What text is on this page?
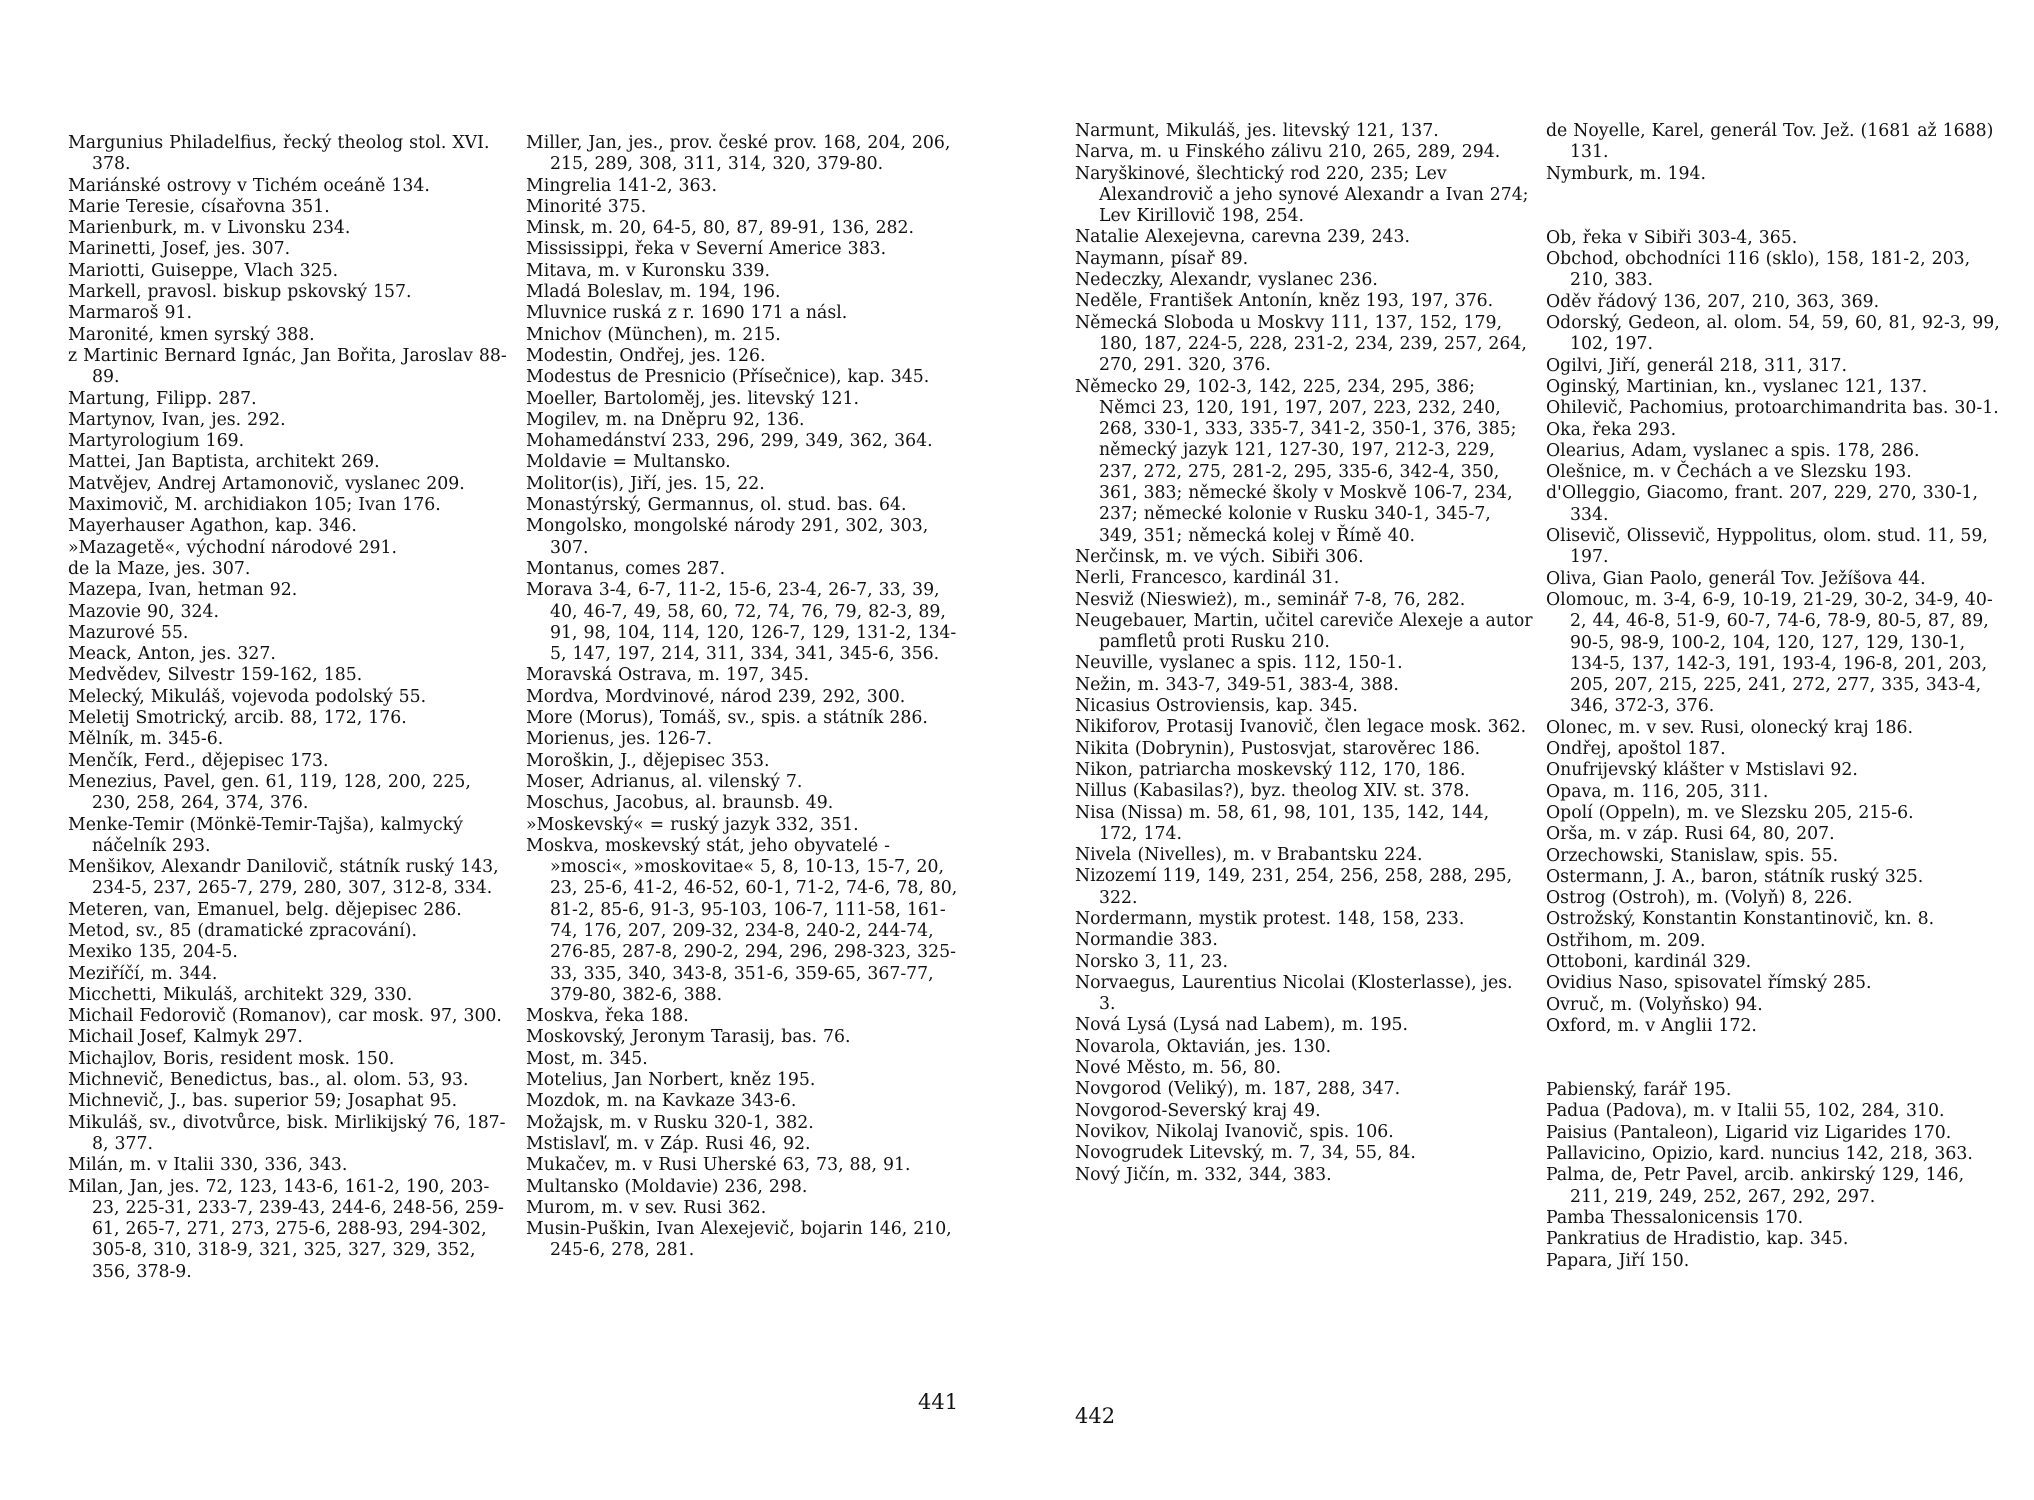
Margunius Philadelfius, řecký theolog stol. XVI. 378.
Mariánské ostrovy v Tichém oceáně 134.
Marie Teresie, císařovna 351.
Marienburk, m. v Livonsku 234.
Marinetti, Josef, jes. 307.
Mariotti, Guiseppe, Vlach 325.
Markell, pravosl. biskup pskovský 157.
Marmaroš 91.
Maronité, kmen syrský 388.
z Martinic Bernard Ignác, Jan Bořita, Jaroslav 88-89.
Martung, Filipp. 287.
Martynov, Ivan, jes. 292.
Martyrologium 169.
Mattei, Jan Baptista, architekt 269.
Matvějev, Andrej Artamonovič, vyslanec 209.
Maximovič, M. archidiakon 105; Ivan 176.
Mayerhauser Agathon, kap. 346.
»Mazagetě«, východní národové 291.
de la Maze, jes. 307.
Mazepa, Ivan, hetman 92.
Mazovie 90, 324.
Mazurové 55.
Meack, Anton, jes. 327.
Medvědev, Silvestr 159-162, 185.
Melecký, Mikuláš, vojevoda podolský 55.
Meletij Smotrický, arcib. 88, 172, 176.
Mělník, m. 345-6.
Menčík, Ferd., dějepisec 173.
Menezius, Pavel, gen. 61, 119, 128, 200, 225, 230, 258, 264, 374, 376.
Menke-Temir (Mönkë-Temir-Tajša), kalmycký náčelník 293.
Menšikov, Alexandr Danilovič, státník ruský 143, 234-5, 237, 265-7, 279, 280, 307, 312-8, 334.
Meteren, van, Emanuel, belg. dějepisec 286.
Metod, sv., 85 (dramatické zpracování).
Mexiko 135, 204-5.
Meziříčí, m. 344.
Micchetti, Mikuláš, architekt 329, 330.
Michail Fedorovič (Romanov), car mosk. 97, 300.
Michail Josef, Kalmyk 297.
Michajlov, Boris, resident mosk. 150.
Michnevič, Benedictus, bas., al. olom. 53, 93.
Michnevič, J., bas. superior 59; Josaphat 95.
Mikuláš, sv., divotvůrce, bisk. Mirlikijský 76, 187-8, 377.
Milán, m. v Italii 330, 336, 343.
Milan, Jan, jes. 72, 123, 143-6, 161-2, 190, 203-23, 225-31, 233-7, 239-43, 244-6, 248-56, 259-61, 265-7, 271, 273, 275-6, 288-93, 294-302, 305-8, 310, 318-9, 321, 325, 327, 329, 352, 356, 378-9.
Miller, Jan, jes., prov. české prov. 168, 204, 206, 215, 289, 308, 311, 314, 320, 379-80.
Mingrelia 141-2, 363.
Minorité 375.
Minsk, m. 20, 64-5, 80, 87, 89-91, 136, 282.
Mississippi, řeka v Severní Americe 383.
Mitava, m. v Kuronsku 339.
Mladá Boleslav, m. 194, 196.
Mluvnice ruská z r. 1690 171 a násl.
Mnichov (München), m. 215.
Modestin, Ondřej, jes. 126.
Modestus de Presnicio (Přísečnice), kap. 345.
Moeller, Bartoloměj, jes. litevský 121.
Mogilev, m. na Dněpru 92, 136.
Mohamedánství 233, 296, 299, 349, 362, 364.
Moldavie = Multansko.
Molitor(is), Jiří, jes. 15, 22.
Monastýrský, Germannus, ol. stud. bas. 64.
Mongolsko, mongolské národy 291, 302, 303, 307.
Montanus, comes 287.
Morava 3-4, 6-7, 11-2, 15-6, 23-4, 26-7, 33, 39, 40, 46-7, 49, 58, 60, 72, 74, 76, 79, 82-3, 89, 91, 98, 104, 114, 120, 126-7, 129, 131-2, 134-5, 147, 197, 214, 311, 334, 341, 345-6, 356.
Moravská Ostrava, m. 197, 345.
Mordva, Mordvinové, národ 239, 292, 300.
More (Morus), Tomáš, sv., spis. a státník 286.
Morienus, jes. 126-7.
Moroškin, J., dějepisec 353.
Moser, Adrianus, al. vilenský 7.
Moschus, Jacobus, al. braunsb. 49.
»Moskevský« = ruský jazyk 332, 351.
Moskva, moskevský stát, jeho obyvatelé - »mosci«, »moskovitae« 5, 8, 10-13, 15-7, 20, 23, 25-6, 41-2, 46-52, 60-1, 71-2, 74-6, 78, 80, 81-2, 85-6, 91-3, 95-103, 106-7, 111-58, 161-74, 176, 207, 209-32, 234-8, 240-2, 244-74, 276-85, 287-8, 290-2, 294, 296, 298-323, 325-33, 335, 340, 343-8, 351-6, 359-65, 367-77, 379-80, 382-6, 388.
Moskva, řeka 188.
Moskovský, Jeronym Tarasij, bas. 76.
Most, m. 345.
Motelius, Jan Norbert, kněz 195.
Mozdok, m. na Kavkaze 343-6.
Možajsk, m. v Rusku 320-1, 382.
Mstislavľ, m. v Záp. Rusi 46, 92.
Mukačev, m. v Rusi Uherské 63, 73, 88, 91.
Multansko (Moldavie) 236, 298.
Murom, m. v sev. Rusi 362.
Musin-Puškin, Ivan Alexejevič, bojarin 146, 210, 245-6, 278, 281.
441
Narmunt, Mikuláš, jes. litevský 121, 137.
Narva, m. u Finského zálivu 210, 265, 289, 294.
Naryškinové, šlechtický rod 220, 235; Lev Alexandrovič a jeho synové Alexandr a Ivan 274; Lev Kirillovič 198, 254.
Natalie Alexejevna, carevna 239, 243.
Naymann, písař 89.
Nedeczky, Alexandr, vyslanec 236.
Neděle, František Antonín, kněz 193, 197, 376.
Německá Sloboda u Moskvy 111, 137, 152, 179, 180, 187, 224-5, 228, 231-2, 234, 239, 257, 264, 270, 291. 320, 376.
Německo 29, 102-3, 142, 225, 234, 295, 386; Němci 23, 120, 191, 197, 207, 223, 232, 240, 268, 330-1, 333, 335-7, 341-2, 350-1, 376, 385; německý jazyk 121, 127-30, 197, 212-3, 229, 237, 272, 275, 281-2, 295, 335-6, 342-4, 350, 361, 383; německé školy v Moskvě 106-7, 234, 237; německé kolonie v Rusku 340-1, 345-7, 349, 351; německá kolej v Římě 40.
Nerčinsk, m. ve vých. Sibiři 306.
Nerli, Francesco, kardinál 31.
Nesviž (Nieswież), m., seminář 7-8, 76, 282.
Neugebauer, Martin, učitel careviče Alexeje a autor pamfletů proti Rusku 210.
Neuville, vyslanec a spis. 112, 150-1.
Nežin, m. 343-7, 349-51, 383-4, 388.
Nicasius Ostroviensis, kap. 345.
Nikiforov, Protasij Ivanovič, člen legace mosk. 362.
Nikita (Dobrynin), Pustosvjat, starověrec 186.
Nikon, patriarcha moskevský 112, 170, 186.
Nillus (Kabasilas?), byz. theolog XIV. st. 378.
Nisa (Nissa) m. 58, 61, 98, 101, 135, 142, 144, 172, 174.
Nivela (Nivelles), m. v Brabantsku 224.
Nizozemí 119, 149, 231, 254, 256, 258, 288, 295, 322.
Nordermann, mystik protest. 148, 158, 233.
Normandie 383.
Norsko 3, 11, 23.
Norvaegus, Laurentius Nicolai (Klosterlasse), jes. 3.
Nová Lysá (Lysá nad Labem), m. 195.
Novarola, Oktavián, jes. 130.
Nové Město, m. 56, 80.
Novgorod (Veliký), m. 187, 288, 347.
Novgorod-Severský kraj 49.
Novikov, Nikolaj Ivanovič, spis. 106.
Novogrudek Litevský, m. 7, 34, 55, 84.
Nový Jičín, m. 332, 344, 383.
de Noyelle, Karel, generál Tov. Jež. (1681 až 1688) 131.
Nymburk, m. 194.
Ob, řeka v Sibiři 303-4, 365.
Obchod, obchodníci 116 (sklo), 158, 181-2, 203, 210, 383.
Oděv řádový 136, 207, 210, 363, 369.
Odorský, Gedeon, al. olom. 54, 59, 60, 81, 92-3, 99, 102, 197.
Ogilvi, Jiří, generál 218, 311, 317.
Oginský, Martinian, kn., vyslanec 121, 137.
Ohilevič, Pachomius, protoarchimandrita bas. 30-1.
Oka, řeka 293.
Olearius, Adam, vyslanec a spis. 178, 286.
Olešnice, m. v Čechách a ve Slezsku 193.
d'Olleggio, Giacomo, frant. 207, 229, 270, 330-1, 334.
Olisevič, Olissevič, Hyppolitus, olom. stud. 11, 59, 197.
Oliva, Gian Paolo, generál Tov. Ježíšova 44.
Olomouc, m. 3-4, 6-9, 10-19, 21-29, 30-2, 34-9, 40-2, 44, 46-8, 51-9, 60-7, 74-6, 78-9, 80-5, 87, 89, 90-5, 98-9, 100-2, 104, 120, 127, 129, 130-1, 134-5, 137, 142-3, 191, 193-4, 196-8, 201, 203, 205, 207, 215, 225, 241, 272, 277, 335, 343-4, 346, 372-3, 376.
Olonec, m. v sev. Rusi, olonecký kraj 186.
Ondřej, apoštol 187.
Onufrijevský klášter v Mstislavi 92.
Opava, m. 116, 205, 311.
Opolí (Oppeln), m. ve Slezsku 205, 215-6.
Orša, m. v záp. Rusi 64, 80, 207.
Orzechowski, Stanislaw, spis. 55.
Ostermann, J. A., baron, státník ruský 325.
Ostrog (Ostroh), m. (Volyň) 8, 226.
Ostrožský, Konstantin Konstantinovič, kn. 8.
Ostřihom, m. 209.
Ottoboni, kardinál 329.
Ovidius Naso, spisovatel římský 285.
Ovruč, m. (Volyňsko) 94.
Oxford, m. v Anglii 172.
Pabienský, farář 195.
Padua (Padova), m. v Italii 55, 102, 284, 310.
Paisius (Pantaleon), Ligarid viz Ligarides 170.
Pallavicino, Opizio, kard. nuncius 142, 218, 363.
Palma, de, Petr Pavel, arcib. ankirský 129, 146, 211, 219, 249, 252, 267, 292, 297.
Pamba Thessalonicensis 170.
Pankratius de Hradistio, kap. 345.
Papara, Jiří 150.
442
